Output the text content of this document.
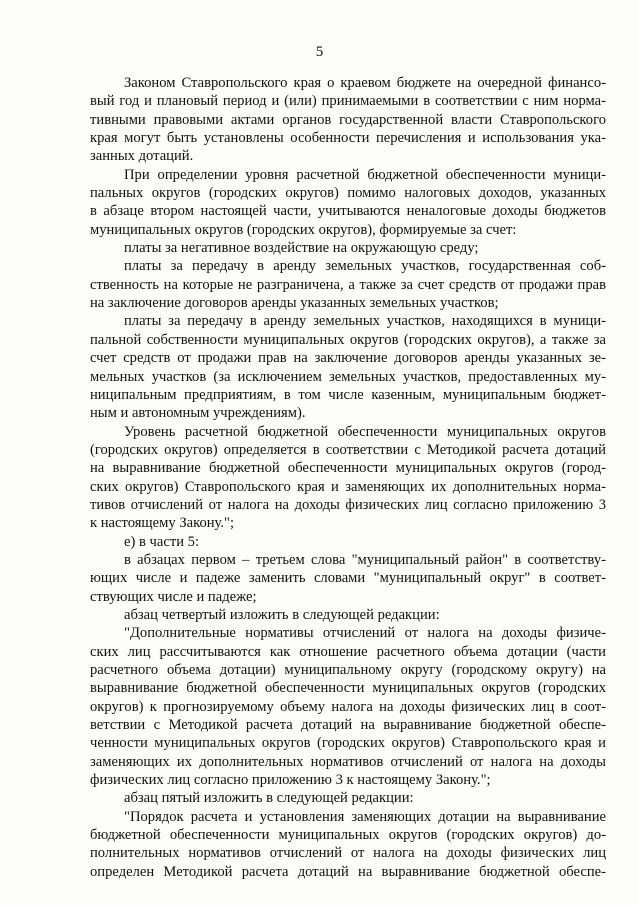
5
Законом Ставропольского края о краевом бюджете на очередной финансо-
вый год и плановый период и (или) принимаемыми в соответствии с ним норма-
тивными правовыми актами органов государственной власти Ставропольского
края могут быть установлены особенности перечисления и использования ука-
занных дотаций.
При определении уровня расчетной бюджетной обеспеченности муници-
пальных округов (городских округов) помимо налоговых доходов, указанных
в абзаце втором настоящей части, учитываются неналоговые доходы бюджетов
муниципальных округов (городских округов), формируемые за счет:
платы за негативное воздействие на окружающую среду;
платы за передачу в аренду земельных участков, государственная соб-
ственность на которые не разграничена, а также за счет средств от продажи прав
на заключение договоров аренды указанных земельных участков;
платы за передачу в аренду земельных участков, находящихся в муници-
пальной собственности муниципальных округов (городских округов), а также за
счет средств от продажи прав на заключение договоров аренды указанных зе-
мельных участков (за исключением земельных участков, предоставленных му-
ниципальным предприятиям, в том числе казенным, муниципальным бюджет-
ным и автономным учреждениям).
Уровень расчетной бюджетной обеспеченности муниципальных округов
(городских округов) определяется в соответствии с Методикой расчета дотаций
на выравнивание бюджетной обеспеченности муниципальных округов (город-
ских округов) Ставропольского края и заменяющих их дополнительных норма-
тивов отчислений от налога на доходы физических лиц согласно приложению 3
к настоящему Закону.";
е) в части 5:
в абзацах первом – третьем слова "муниципальный район" в соответству-
ющих числе и падеже заменить словами "муниципальный округ" в соответ-
ствующих числе и падеже;
абзац четвертый изложить в следующей редакции:
"Дополнительные нормативы отчислений от налога на доходы физиче-
ских лиц рассчитываются как отношение расчетного объема дотации (части
расчетного объема дотации) муниципальному округу (городскому округу) на
выравнивание бюджетной обеспеченности муниципальных округов (городских
округов) к прогнозируемому объему налога на доходы физических лиц в соот-
ветствии с Методикой расчета дотаций на выравнивание бюджетной обеспе-
ченности муниципальных округов (городских округов) Ставропольского края и
заменяющих их дополнительных нормативов отчислений от налога на доходы
физических лиц согласно приложению 3 к настоящему Закону.";
абзац пятый изложить в следующей редакции:
"Порядок расчета и установления заменяющих дотации на выравнивание
бюджетной обеспеченности муниципальных округов (городских округов) до-
полнительных нормативов отчислений от налога на доходы физических лиц
определен Методикой расчета дотаций на выравнивание бюджетной обеспе-
